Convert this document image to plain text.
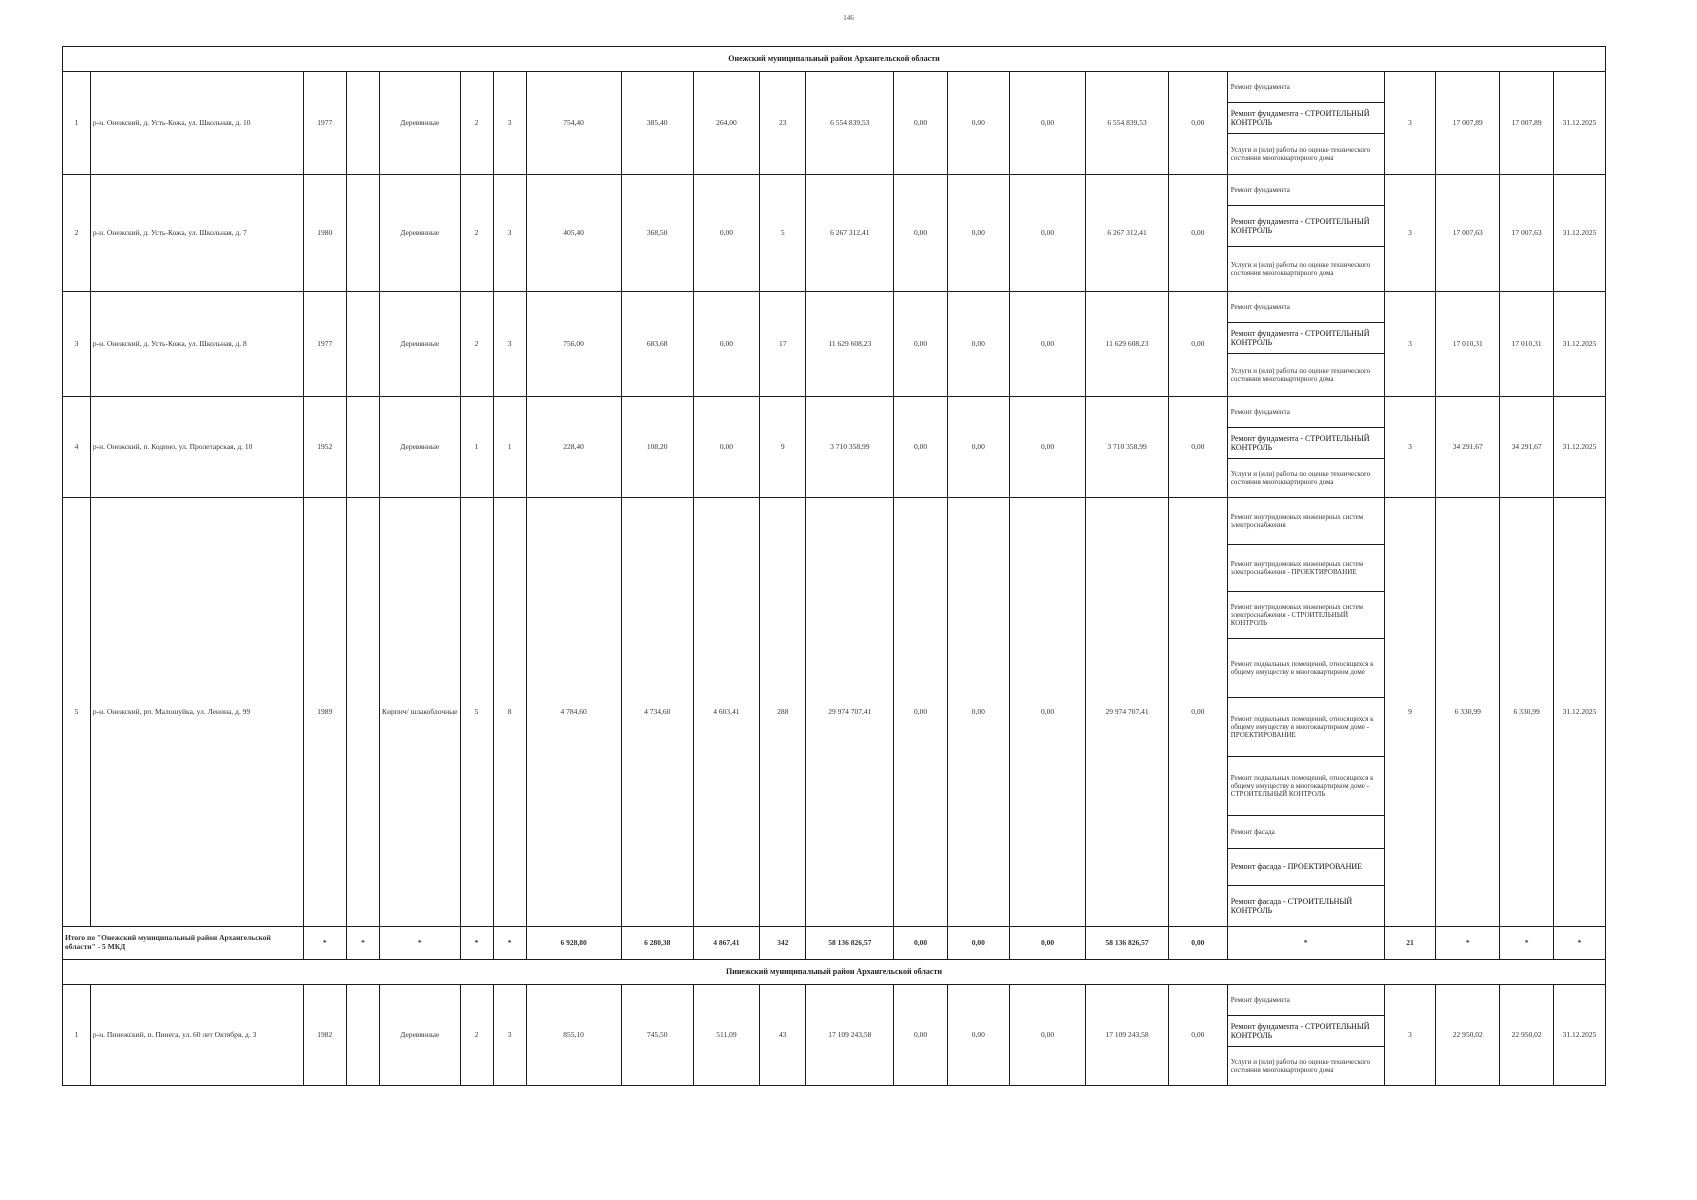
146
Онежский муниципальный район Архангельской области																					
1	р-н. Онежский, д. Усть-Кожа, ул. Школьная, д. 10	1977		Деревянные	2	3	754,40	385,40	264,00	23	6 554 839,53	0,00	0,00	0,00	6 554 839,53	0,00	Ремонт фундамента	3	17 007,89	17 007,89	31.12.2025
																	Ремонт фундамента - СТРОИТЕЛЬНЫЙ КОНТРОЛЬ				
																	Услуги и (или) работы по оценке технического состояния многоквартирного дома				
2	р-н. Онежский, д. Усть-Кожа, ул. Школьная, д. 7	1980		Деревянные	2	3	405,40	368,50	0,00	5	6 267 312,41	0,00	0,00	0,00	6 267 312,41	0,00	Ремонт фундамента	3	17 007,63	17 007,63	31.12.2025
																	Ремонт фундамента - СТРОИТЕЛЬНЫЙ КОНТРОЛЬ				
																	Услуги и (или) работы по оценке технического состояния многоквартирного дома				
3	р-н. Онежский, д. Усть-Кожа, ул. Школьная, д. 8	1977		Деревянные	2	3	756,00	683,68	0,00	17	11 629 608,23	0,00	0,00	0,00	11 629 608,23	0,00	Ремонт фундамента	3	17 010,31	17 010,31	31.12.2025
																	Ремонт фундамента - СТРОИТЕЛЬНЫЙ КОНТРОЛЬ				
																	Услуги и (или) работы по оценке технического состояния многоквартирного дома				
4	р-н. Онежский, п. Кодино, ул. Пролетарская, д. 10	1952		Деревянные	1	1	228,40	108,20	0,00	9	3 710 358,99	0,00	0,00	0,00	3 710 358,99	0,00	Ремонт фундамента	3	34 291,67	34 291,67	31.12.2025
																	Ремонт фундамента - СТРОИТЕЛЬНЫЙ КОНТРОЛЬ				
																	Услуги и (или) работы по оценке технического состояния многоквартирного дома				
5	р-н. Онежский, рп. Малошуйка, ул. Ленина, д. 99	1989		Кирпич/ шлакоблочные	5	8	4 784,60	4 734,60	4 603,41	288	29 974 707,41	0,00	0,00	0,00	29 974 707,41	0,00	Ремонт внутридомовых инженерных систем электроснабжения	9	6 330,99	6 330,99	31.12.2025
																	Ремонт внутридомовых инженерных систем электроснабжения - ПРОЕКТИРОВАНИЕ				
																	Ремонт внутридомовых инженерных систем электроснабжения - СТРОИТЕЛЬНЫЙ КОНТРОЛЬ				
																	Ремонт подвальных помещений, относящихся к общему имуществу в многоквартирном доме				
																	Ремонт подвальных помещений, относящихся к общему имуществу в многоквартирном доме - ПРОЕКТИРОВАНИЕ				
																	Ремонт подвальных помещений, относящихся к общему имуществу в многоквартирном доме - СТРОИТЕЛЬНЫЙ КОНТРОЛЬ				
																	Ремонт фасада				
																	Ремонт фасада - ПРОЕКТИРОВАНИЕ				
																	Ремонт фасада - СТРОИТЕЛЬНЫЙ КОНТРОЛЬ				
Итого по "Онежский муниципальный район Архангельской области" - 5 МКД		*	*	*	*	*	6 928,80	6 280,38	4 867,41	342	58 136 826,57	0,00	0,00	0,00	58 136 826,57	0,00	*	21	*	*	*
Пинежский муниципальный район Архангельской области																					
1	р-н. Пинежский, п. Пинега, ул. 60 лет Октября, д. 3	1982		Деревянные	2	3	855,10	745,50	511,09	43	17 109 243,58	0,00	0,00	0,00	17 109 243,58	0,00	Ремонт фундамента	3	22 950,02	22 950,02	31.12.2025
																	Ремонт фундамента - СТРОИТЕЛЬНЫЙ КОНТРОЛЬ				
																	Услуги и (или) работы по оценке технического состояния многоквартирного дома				
